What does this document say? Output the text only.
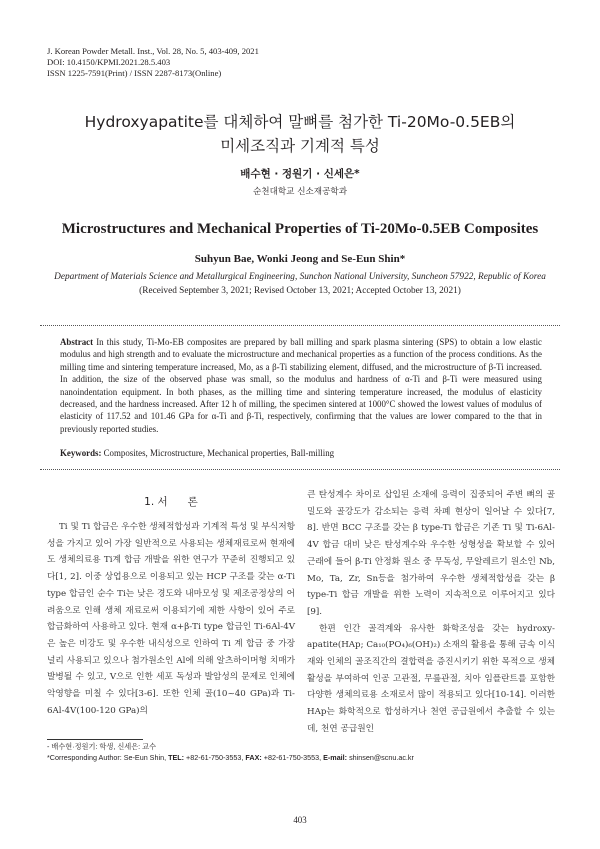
J. Korean Powder Metall. Inst., Vol. 28, No. 5, 403-409, 2021
DOI: 10.4150/KPMI.2021.28.5.403
ISSN 1225-7591(Print) / ISSN 2287-8173(Online)
Hydroxyapatite를 대체하여 말뼈를 첨가한 Ti-20Mo-0.5EB의
미세조직과 기계적 특성
배수현 · 정원기 · 신세은*
순천대학교 신소재공학과
Microstructures and Mechanical Properties of Ti-20Mo-0.5EB Composites
Suhyun Bae, Wonki Jeong and Se-Eun Shin*
Department of Materials Science and Metallurgical Engineering, Sunchon National University, Suncheon 57922, Republic of Korea
(Received September 3, 2021; Revised October 13, 2021; Accepted October 13, 2021)
Abstract In this study, Ti-Mo-EB composites are prepared by ball milling and spark plasma sintering (SPS) to obtain a low elastic modulus and high strength and to evaluate the microstructure and mechanical properties as a function of the process conditions. As the milling time and sintering temperature increased, Mo, as a β-Ti stabilizing element, diffused, and the microstructure of β-Ti increased. In addition, the size of the observed phase was small, so the modulus and hardness of α-Ti and β-Ti were measured using nanoindentation equipment. In both phases, as the milling time and sintering temperature increased, the modulus of elasticity decreased, and the hardness increased. After 12 h of milling, the specimen sintered at 1000°C showed the lowest values of modulus of elasticity of 117.52 and 101.46 GPa for α-Ti and β-Ti, respectively, confirming that the values are lower compared to the that in previously reported studies.
Keywords: Composites, Microstructure, Mechanical properties, Ball-milling
1. 서      론

Ti 및 Ti 합금은 우수한 생체적합성과 기계적 특성 및 부식저항성을 가지고 있어 가장 일반적으로 사용되는 생체재료로써 현재에도 생체의료용 Ti계 합금 개발을 위한 연구가 꾸준히 진행되고 있다[1, 2]. 이중 상업용으로 이용되고 있는 HCP 구조를 갖는 α-Ti type 합금인 순수 Ti는 낮은 경도와 내마모성 및 제조공정상의 어려움으로 인해 생체 재료로써 이용되기에 제한 사항이 있어 주로 합금화하여 사용하고 있다. 현재 α+β-Ti type 합금인 Ti-6Al-4V은 높은 비강도 및 우수한 내식성으로 인하여 Ti 계 합금 중 가장 널리 사용되고 있으나 첨가원소인 Al에 의해 알츠하이머형 치매가 발병될 수 있고, V으로 인한 세포 독성과 발암성의 문제로 인체에 악영향을 미칠 수 있다[3-6]. 또한 인체 골(10~40 GPa)과 Ti-6Al-4V(100-120 GPa)의

큰 탄성계수 차이로 삽입된 소재에 응력이 집중되어 주변 뼈의 골밀도와 골강도가 감소되는 응력 차폐 현상이 일어날 수 있다[7, 8]. 반면 BCC 구조를 갖는 β type-Ti 합금은 기존 Ti 및 Ti-6Al-4V 합금 대비 낮은 탄성계수와 우수한 성형성을 확보할 수 있어 근래에 들어 β-Ti 안정화 원소 중 무독성, 무알레르기 원소인 Nb, Mo, Ta, Zr, Sn등을 첨가하여 우수한 생체적합성을 갖는 β type-Ti 합금 개발을 위한 노력이 지속적으로 이루어지고 있다[9].

한편 인간 골격계와 유사한 화학조성을 갖는 hydroxy-apatite(HAp; Ca₁₀(PO₄)₆(OH)₂) 소재의 활용을 통해 금속 이식재와 인체의 골조직간의 결합력을 증진시키기 위한 목적으로 생체활성을 부여하여 인공 고관절, 무릎관절, 치아 임플란트를 포함한 다양한 생체의료용 소재로서 많이 적용되고 있다[10-14]. 이러한 HAp는 화학적으로 합성하거나 천연 공급원에서 추출할 수 있는데, 천연 공급원인

- 배수현·정원기: 학생, 신세은: 교수
*Corresponding Author: Se-Eun Shin, TEL: +82-61-750-3553, FAX: +82-61-750-3553, E-mail: shinsen@scnu.ac.kr
403
